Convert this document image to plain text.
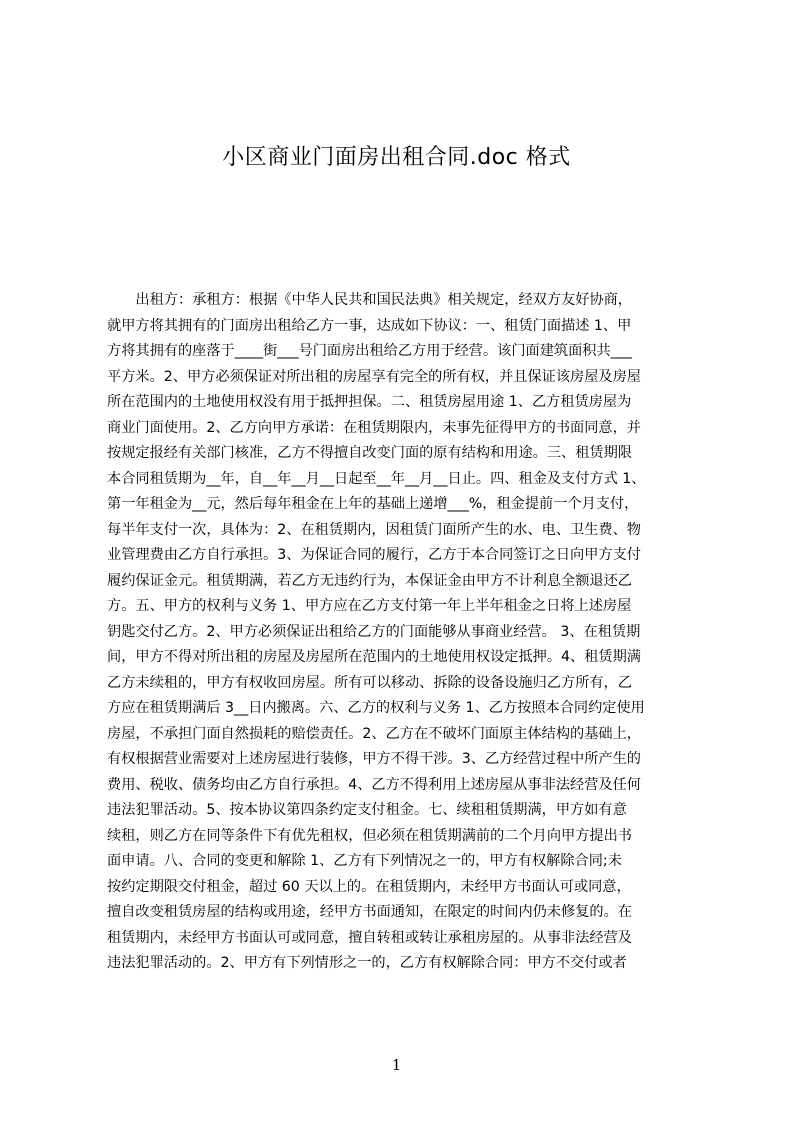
小区商业门面房出租合同.doc 格式
　　出租方：承租方：根据《中华人民共和国民法典》相关规定，经双方友好协商，
就甲方将其拥有的门面房出租给乙方一事，达成如下协议：一、租赁门面描述 1、甲
方将其拥有的座落于____街___号门面房出租给乙方用于经营。该门面建筑面积共___
平方米。2、甲方必须保证对所出租的房屋享有完全的所有权，并且保证该房屋及房屋
所在范围内的土地使用权没有用于抵押担保。二、租赁房屋用途 1、乙方租赁房屋为
商业门面使用。2、乙方向甲方承诺：在租赁期限内，未事先征得甲方的书面同意，并
按规定报经有关部门核准，乙方不得擅自改变门面的原有结构和用途。三、租赁期限
本合同租赁期为__年，自__年__月__日起至__年__月__日止。四、租金及支付方式 1、
第一年租金为__元，然后每年租金在上年的基础上递增___%，租金提前一个月支付，
每半年支付一次，具体为：2、在租赁期内，因租赁门面所产生的水、电、卫生费、物
业管理费由乙方自行承担。3、为保证合同的履行，乙方于本合同签订之日向甲方支付
履约保证金元。租赁期满，若乙方无违约行为，本保证金由甲方不计利息全额退还乙
方。五、甲方的权利与义务 1、甲方应在乙方支付第一年上半年租金之日将上述房屋
钥匙交付乙方。2、甲方必须保证出租给乙方的门面能够从事商业经营。 3、在租赁期
间，甲方不得对所出租的房屋及房屋所在范围内的土地使用权设定抵押。4、租赁期满
乙方未续租的，甲方有权收回房屋。所有可以移动、拆除的设备设施归乙方所有，乙
方应在租赁期满后 3__日内搬离。六、乙方的权利与义务 1、乙方按照本合同约定使用
房屋，不承担门面自然损耗的赔偿责任。2、乙方在不破坏门面原主体结构的基础上，
有权根据营业需要对上述房屋进行装修，甲方不得干涉。3、乙方经营过程中所产生的
费用、税收、债务均由乙方自行承担。4、乙方不得利用上述房屋从事非法经营及任何
违法犯罪活动。5、按本协议第四条约定支付租金。七、续租租赁期满，甲方如有意
续租，则乙方在同等条件下有优先租权，但必须在租赁期满前的二个月向甲方提出书
面申请。八、合同的变更和解除 1、乙方有下列情况之一的，甲方有权解除合同;未
按约定期限交付租金，超过 60 天以上的。在租赁期内，未经甲方书面认可或同意，
擅自改变租赁房屋的结构或用途，经甲方书面通知，在限定的时间内仍未修复的。在
租赁期内，未经甲方书面认可或同意，擅自转租或转让承租房屋的。从事非法经营及
违法犯罪活动的。2、甲方有下列情形之一的，乙方有权解除合同：甲方不交付或者
1
